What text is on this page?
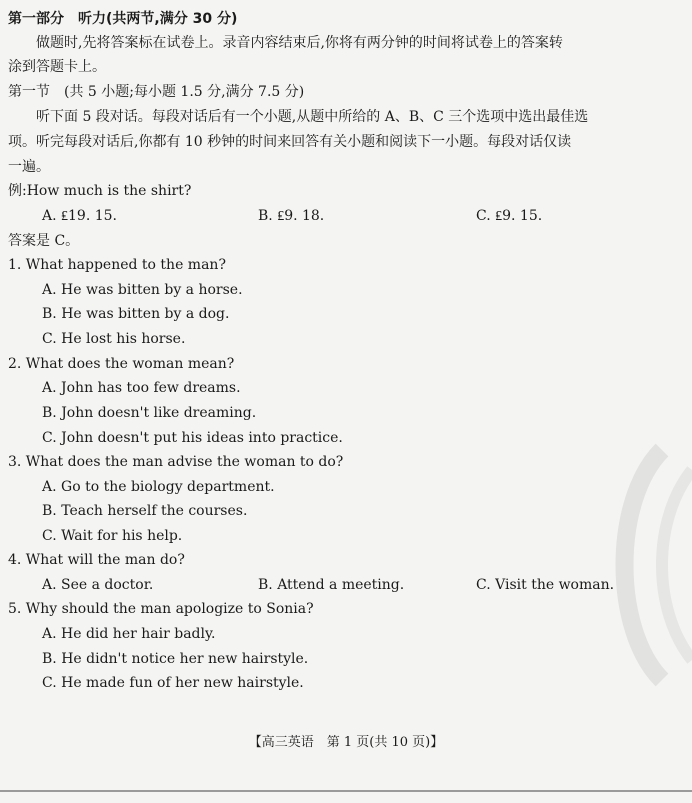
第一部分　听力(共两节,满分 30 分)
做题时,先将答案标在试卷上。录音内容结束后,你将有两分钟的时间将试卷上的答案转
涂到答题卡上。
第一节　(共 5 小题;每小题 1.5 分,满分 7.5 分)
听下面 5 段对话。每段对话后有一个小题,从题中所给的 A、B、C 三个选项中选出最佳选
项。听完每段对话后,你都有 10 秒钟的时间来回答有关小题和阅读下一小题。每段对话仅读
一遍。
例:How much is the shirt?
A. ₤19. 15.	B. ₤9. 18.	C. ₤9. 15.
答案是 C。
1. What happened to the man?
A. He was bitten by a horse.
B. He was bitten by a dog.
C. He lost his horse.
2. What does the woman mean?
A. John has too few dreams.
B. John doesn't like dreaming.
C. John doesn't put his ideas into practice.
3. What does the man advise the woman to do?
A. Go to the biology department.
B. Teach herself the courses.
C. Wait for his help.
4. What will the man do?
A. See a doctor.	B. Attend a meeting.	C. Visit the woman.
5. Why should the man apologize to Sonia?
A. He did her hair badly.
B. He didn't notice her new hairstyle.
C. He made fun of her new hairstyle.
【高三英语　第 1 页(共 10 页)】
